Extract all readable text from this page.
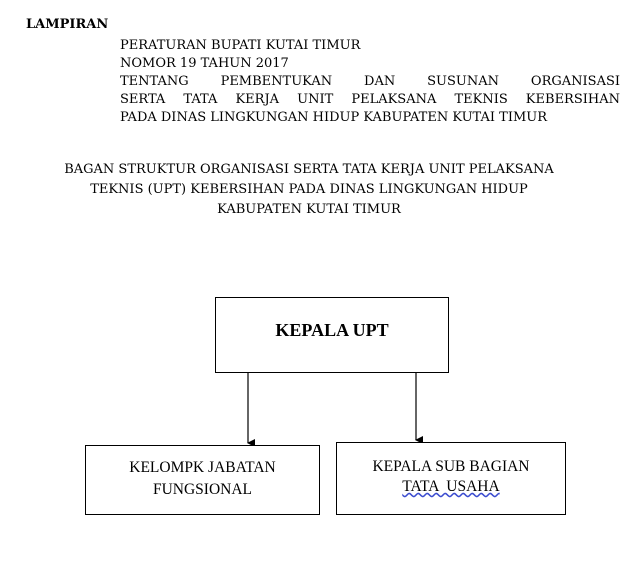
LAMPIRAN
PERATURAN BUPATI KUTAI TIMUR
NOMOR 19 TAHUN 2017
TENTANG PEMBENTUKAN DAN SUSUNAN ORGANISASI
SERTA TATA KERJA UNIT PELAKSANA TEKNIS KEBERSIHAN
PADA DINAS LINGKUNGAN HIDUP KABUPATEN KUTAI TIMUR
BAGAN STRUKTUR ORGANISASI SERTA TATA KERJA UNIT PELAKSANA
TEKNIS (UPT) KEBERSIHAN PADA DINAS LINGKUNGAN HIDUP
KABUPATEN KUTAI TIMUR
KEPALA UPT
KELOMPK JABATAN
FUNGSIONAL
KEPALA SUB BAGIAN
TATA  USAHA
